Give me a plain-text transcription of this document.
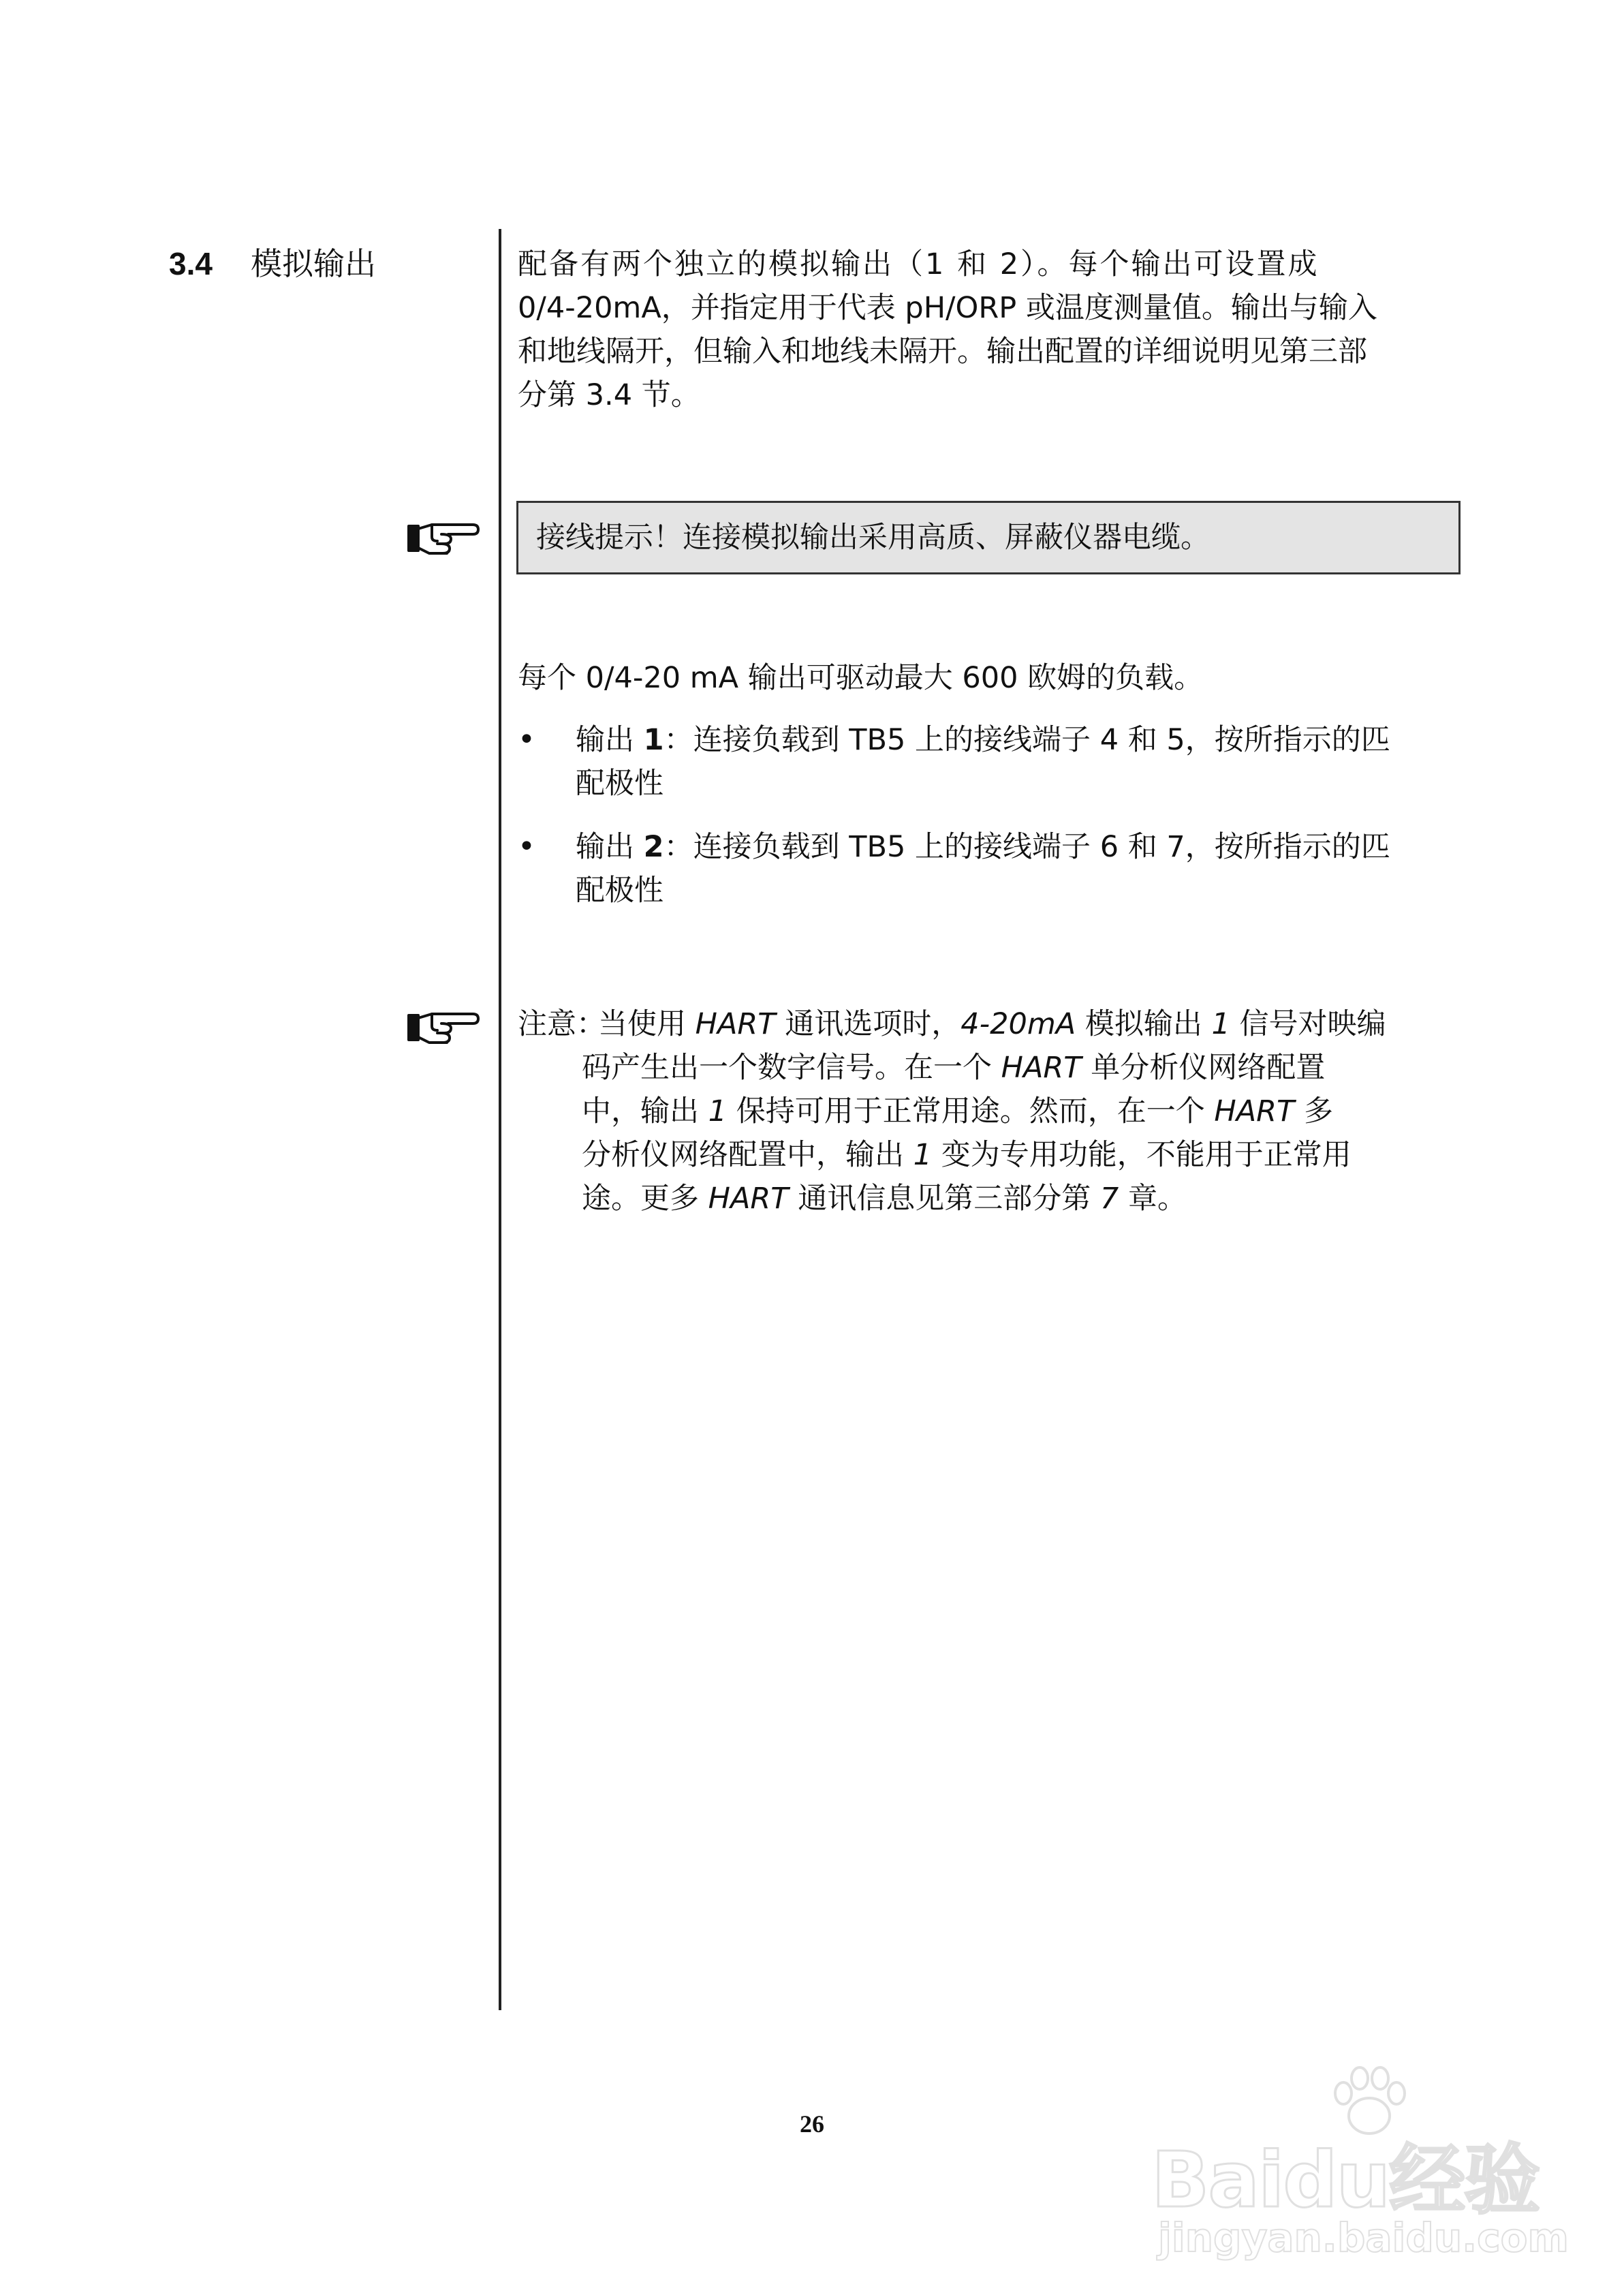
3.4 模拟输出	配备有两个独立的模拟输出（1 和 2）。每个输出可设置成
0/4-20mA，并指定用于代表 pH/ORP 或温度测量值。输出与输入
和地线隔开，但输入和地线未隔开。输出配置的详细说明见第三部
分第 3.4 节。
接线提示！连接模拟输出采用高质、屏蔽仪器电缆。
每个 0/4-20 mA 输出可驱动最大 600 欧姆的负载。
• 输出 1：连接负载到 TB5 上的接线端子 4 和 5，按所指示的匹
配极性
• 输出 2：连接负载到 TB5 上的接线端子 6 和 7，按所指示的匹
配极性
注意：
当使用 HART 通讯选项时，4-20mA 模拟输出 1 信号对映编
码产生出一个数字信号。在一个 HART 单分析仪网络配置
中，输出 1 保持可用于正常用途。然而，在一个 HART 多
分析仪网络配置中，输出 1 变为专用功能，不能用于正常用
途。更多 HART 通讯信息见第三部分第 7 章。
26
Baidu经验
jingyan.baidu.com
